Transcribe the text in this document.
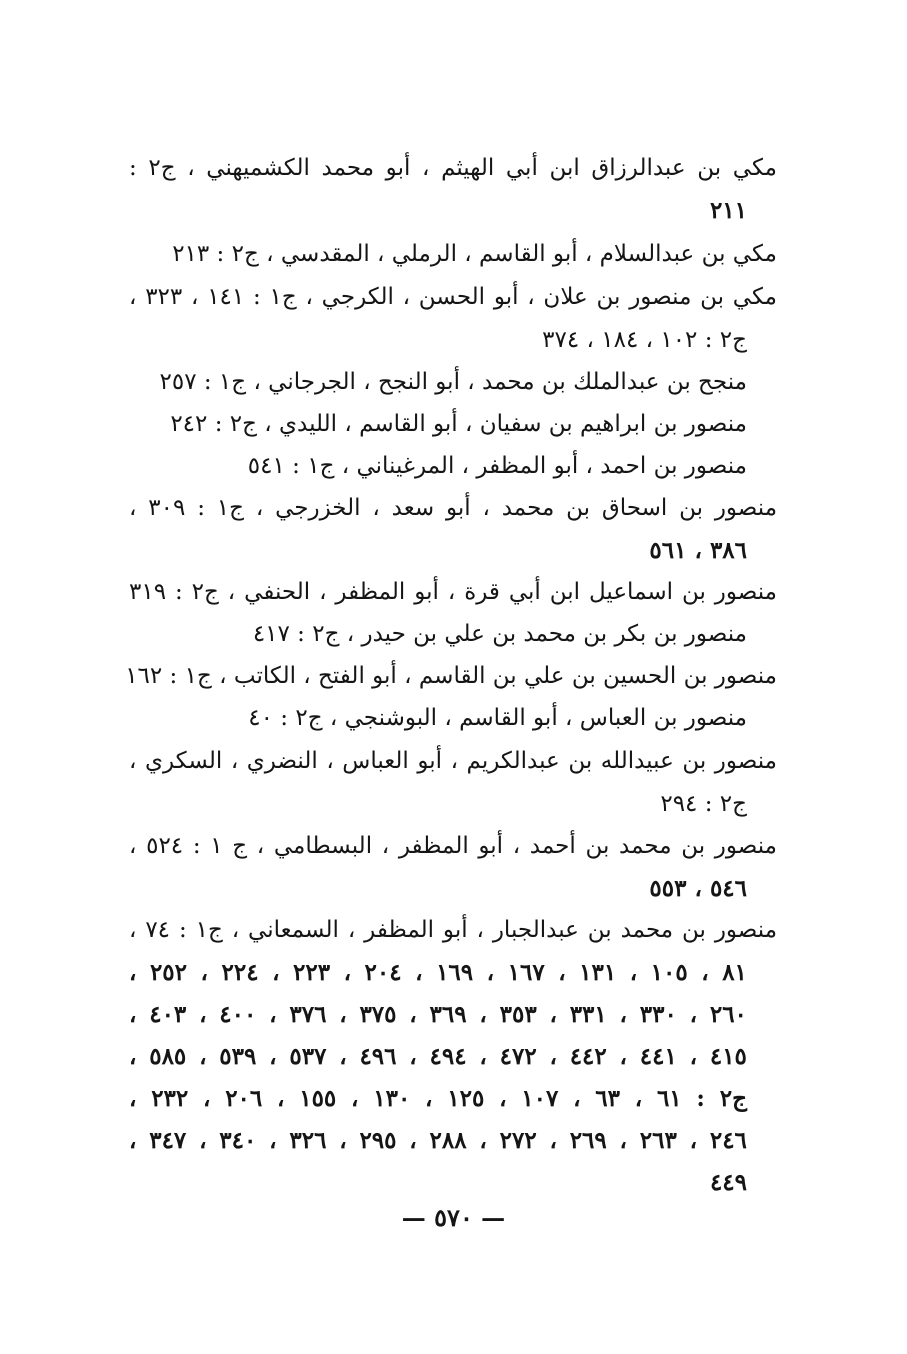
مكي بن عبدالرزاق ابن أبي الهيثم ، أبو محمد الكشميهني ، ج٢ :
٢١١
مكي بن عبدالسلام ، أبو القاسم ، الرملي ، المقدسي ، ج٢ : ٢١٣
مكي بن منصور بن علان ، أبو الحسن ، الكرجي ، ج١ : ١٤١ ، ٣٢٣ ،
ج٢ : ١٠٢ ، ١٨٤ ، ٣٧٤
منجح بن عبدالملك بن محمد ، أبو النجح ، الجرجاني ، ج١ : ٢٥٧
منصور بن ابراهيم بن سفيان ، أبو القاسم ، الليدي ، ج٢ : ٢٤٢
منصور بن احمد ، أبو المظفر ، المرغيناني ، ج١ : ٥٤١
منصور بن اسحاق بن محمد ، أبو سعد ، الخزرجي ، ج١ : ٣٠٩ ،
٣٨٦ ، ٥٦١
منصور بن اسماعيل ابن أبي قرة ، أبو المظفر ، الحنفي ، ج٢ : ٣١٩
منصور بن بكر بن محمد بن علي بن حيدر ، ج٢ : ٤١٧
منصور بن الحسين بن علي بن القاسم ، أبو الفتح ، الكاتب ، ج١ : ١٦٢
منصور بن العباس ، أبو القاسم ، البوشنجي ، ج٢ : ٤٠
منصور بن عبيدالله بن عبدالكريم ، أبو العباس ، النضري ، السكري ،
ج٢ : ٢٩٤
منصور بن محمد بن أحمد ، أبو المظفر ، البسطامي ، ج ١ : ٥٢٤ ،
٥٤٦ ، ٥٥٣
منصور بن محمد بن عبدالجبار ، أبو المظفر ، السمعاني ، ج١ : ٧٤ ،
٨١ ، ١٠٥ ، ١٣١ ، ١٦٧ ، ١٦٩ ، ٢٠٤ ، ٢٢٣ ، ٢٢٤ ، ٢٥٢ ،
٢٦٠ ، ٣٣٠ ، ٣٣١ ، ٣٥٣ ، ٣٦٩ ، ٣٧٥ ، ٣٧٦ ، ٤٠٠ ، ٤٠٣ ،
٤١٥ ، ٤٤١ ، ٤٤٢ ، ٤٧٢ ، ٤٩٤ ، ٤٩٦ ، ٥٣٧ ، ٥٣٩ ، ٥٨٥ ،
ج٢ : ٦١ ، ٦٣ ، ١٠٧ ، ١٢٥ ، ١٣٠ ، ١٥٥ ، ٢٠٦ ، ٢٣٢ ،
٢٤٦ ، ٢٦٣ ، ٢٦٩ ، ٢٧٢ ، ٢٨٨ ، ٢٩٥ ، ٣٢٦ ، ٣٤٠ ، ٣٤٧ ،
٤٤٩
— ٥٧٠ —
